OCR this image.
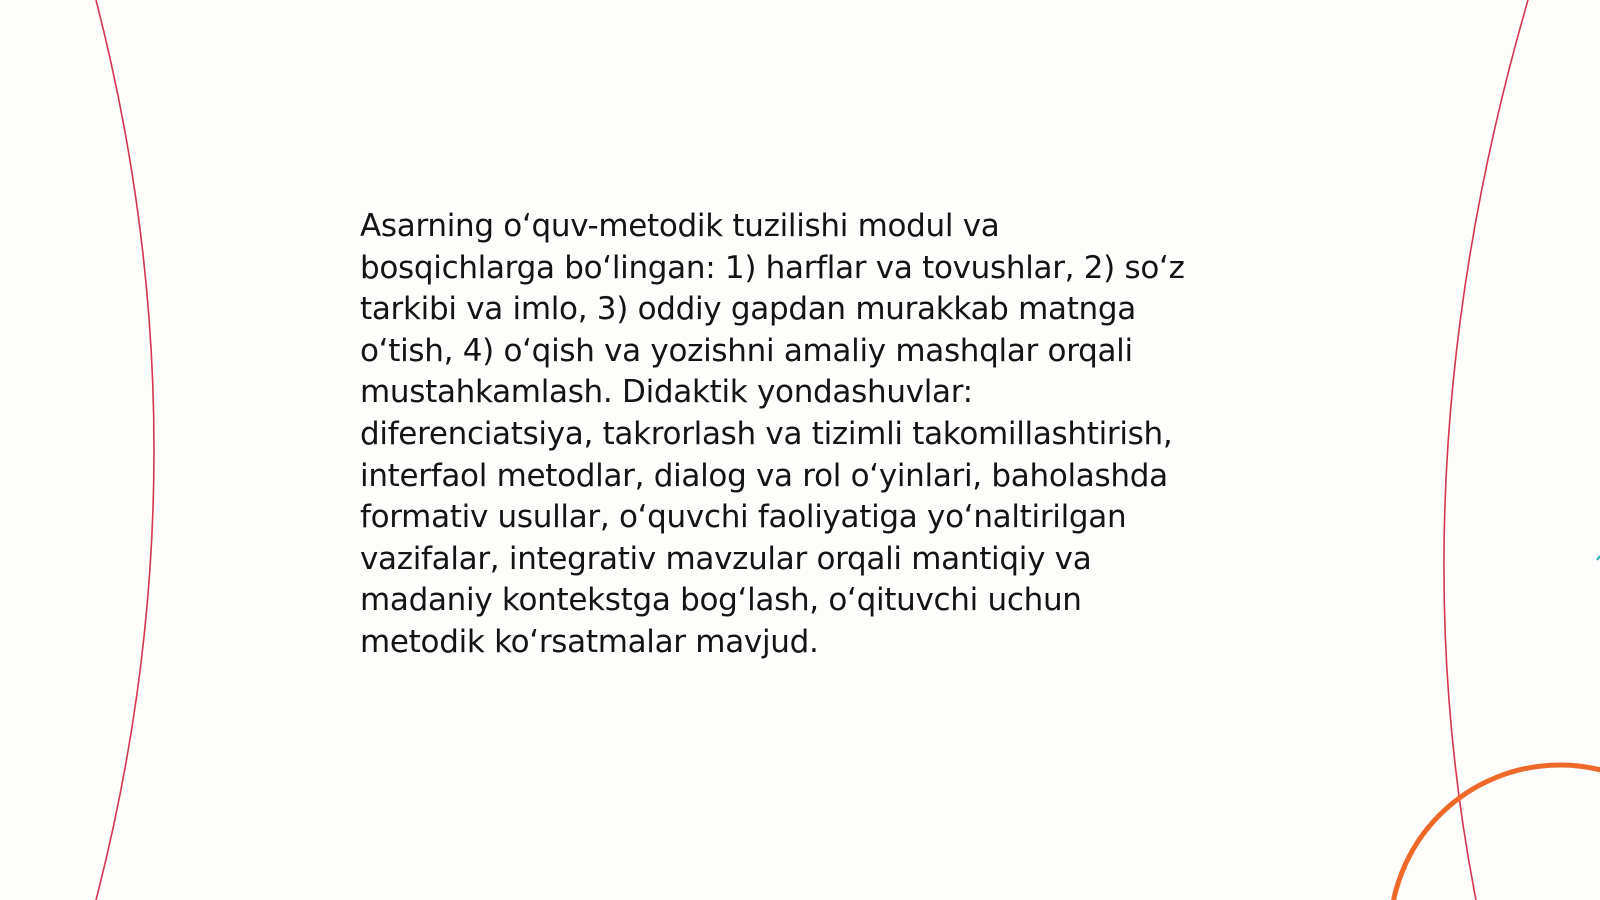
Asarning o‘quv-metodik tuzilishi modul va
bosqichlarga bo‘lingan: 1) harflar va tovushlar, 2) so‘z
tarkibi va imlo, 3) oddiy gapdan murakkab matnga
o‘tish, 4) o‘qish va yozishni amaliy mashqlar orqali
mustahkamlash. Didaktik yondashuvlar:
diferenciatsiya, takrorlash va tizimli takomillashtirish,
interfaol metodlar, dialog va rol o‘yinlari, baholashda
formativ usullar, o‘quvchi faoliyatiga yo‘naltirilgan
vazifalar, integrativ mavzular orqali mantiqiy va
madaniy kontekstga bog‘lash, o‘qituvchi uchun
metodik ko‘rsatmalar mavjud.
